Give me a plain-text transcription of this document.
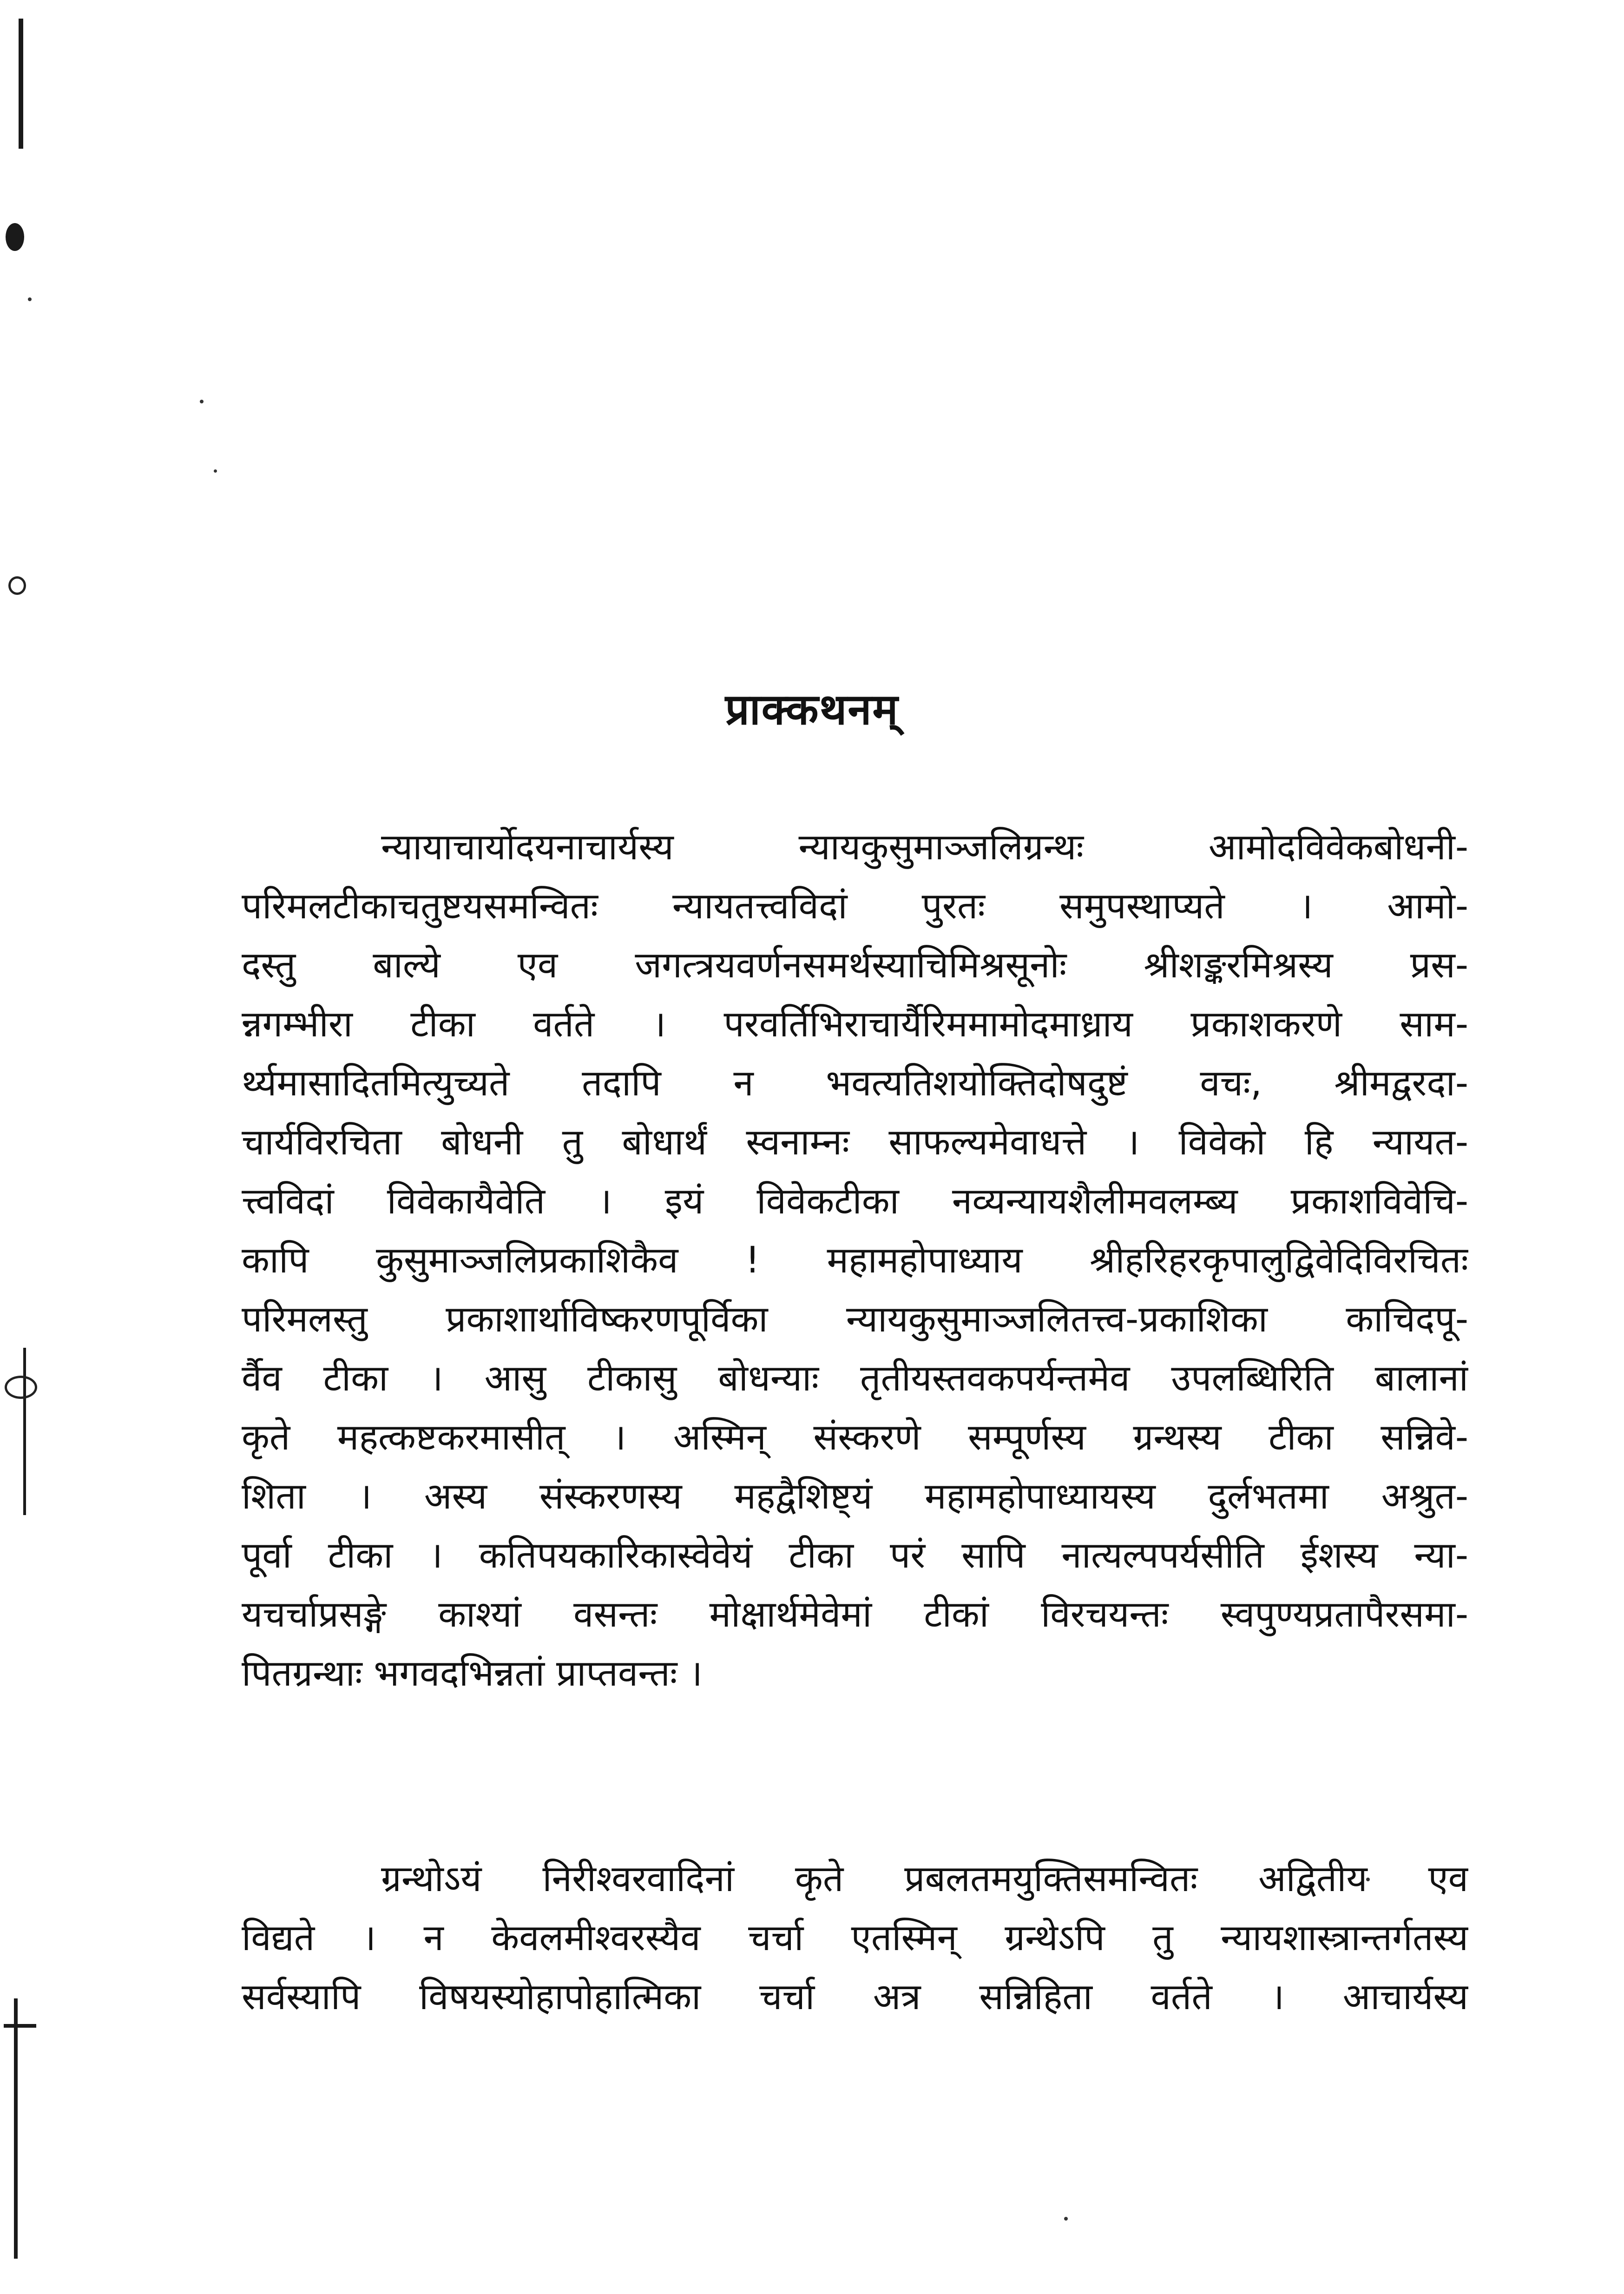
प्राक्कथनम्
न्यायाचार्योदयनाचार्यस्य न्यायकुसुमाञ्जलिग्रन्थः आमोदविवेकबोधनी-
परिमलटीकाचतुष्टयसमन्वितः न्यायतत्त्वविदां पुरतः समुपस्थाप्यते । आमो-
दस्तु बाल्ये एव जगत्त्रयवर्णनसमर्थस्याचिमिश्रसूनोः श्रीशङ्करमिश्रस्य प्रस-
न्नगम्भीरा टीका वर्तते । परवर्तिभिराचार्यैरिममामोदमाध्राय प्रकाशकरणे साम-
र्थ्यमासादितमित्युच्यते तदापि न भवत्यतिशयोक्तिदोषदुष्टं वचः, श्रीमद्वरदा-
चार्यविरचिता बोधनी तु बोधार्थं स्वनाम्नः साफल्यमेवाधत्ते । विवेको हि न्यायत-
त्त्वविदां विवेकायैवेति । इयं विवेकटीका नव्यन्यायशैलीमवलम्ब्य प्रकाशविवेचि-
कापि कुसुमाञ्जलिप्रकाशिकैव ! महामहोपाध्याय श्रीहरिहरकृपालुद्विवेदिविरचितः
परिमलस्तु प्रकाशार्थाविष्करणपूर्विका न्यायकुसुमाञ्जलितत्त्व-प्रकाशिका काचिदपू-
र्वैव टीका । आसु टीकासु बोधन्याः तृतीयस्तवकपर्यन्तमेव उपलब्धिरिति बालानां
कृते महत्कष्टकरमासीत् । अस्मिन् संस्करणे सम्पूर्णस्य ग्रन्थस्य टीका सन्निवे-
शिता । अस्य संस्करणस्य महद्वैशिष्ट्यं महामहोपाध्यायस्य दुर्लभतमा अश्रुत-
पूर्वा टीका । कतिपयकारिकास्वेवेयं टीका परं सापि नात्यल्पपर्यसीति ईशस्य न्या-
यचर्चाप्रसङ्गे काश्यां वसन्तः मोक्षार्थमेवेमां टीकां विरचयन्तः स्वपुण्यप्रतापैरसमा-
पितग्रन्थाः भगवदभिन्नतां प्राप्तवन्तः ।
ग्रन्थोऽयं निरीश्वरवादिनां कृते प्रबलतमयुक्तिसमन्वितः अद्वितीय एव
विद्यते । न केवलमीश्वरस्यैव चर्चा एतस्मिन् ग्रन्थेऽपि तु न्यायशास्त्रान्तर्गतस्य
सर्वस्यापि विषयस्योहापोहात्मिका चर्चा अत्र सन्निहिता वर्तते । आचार्यस्य
